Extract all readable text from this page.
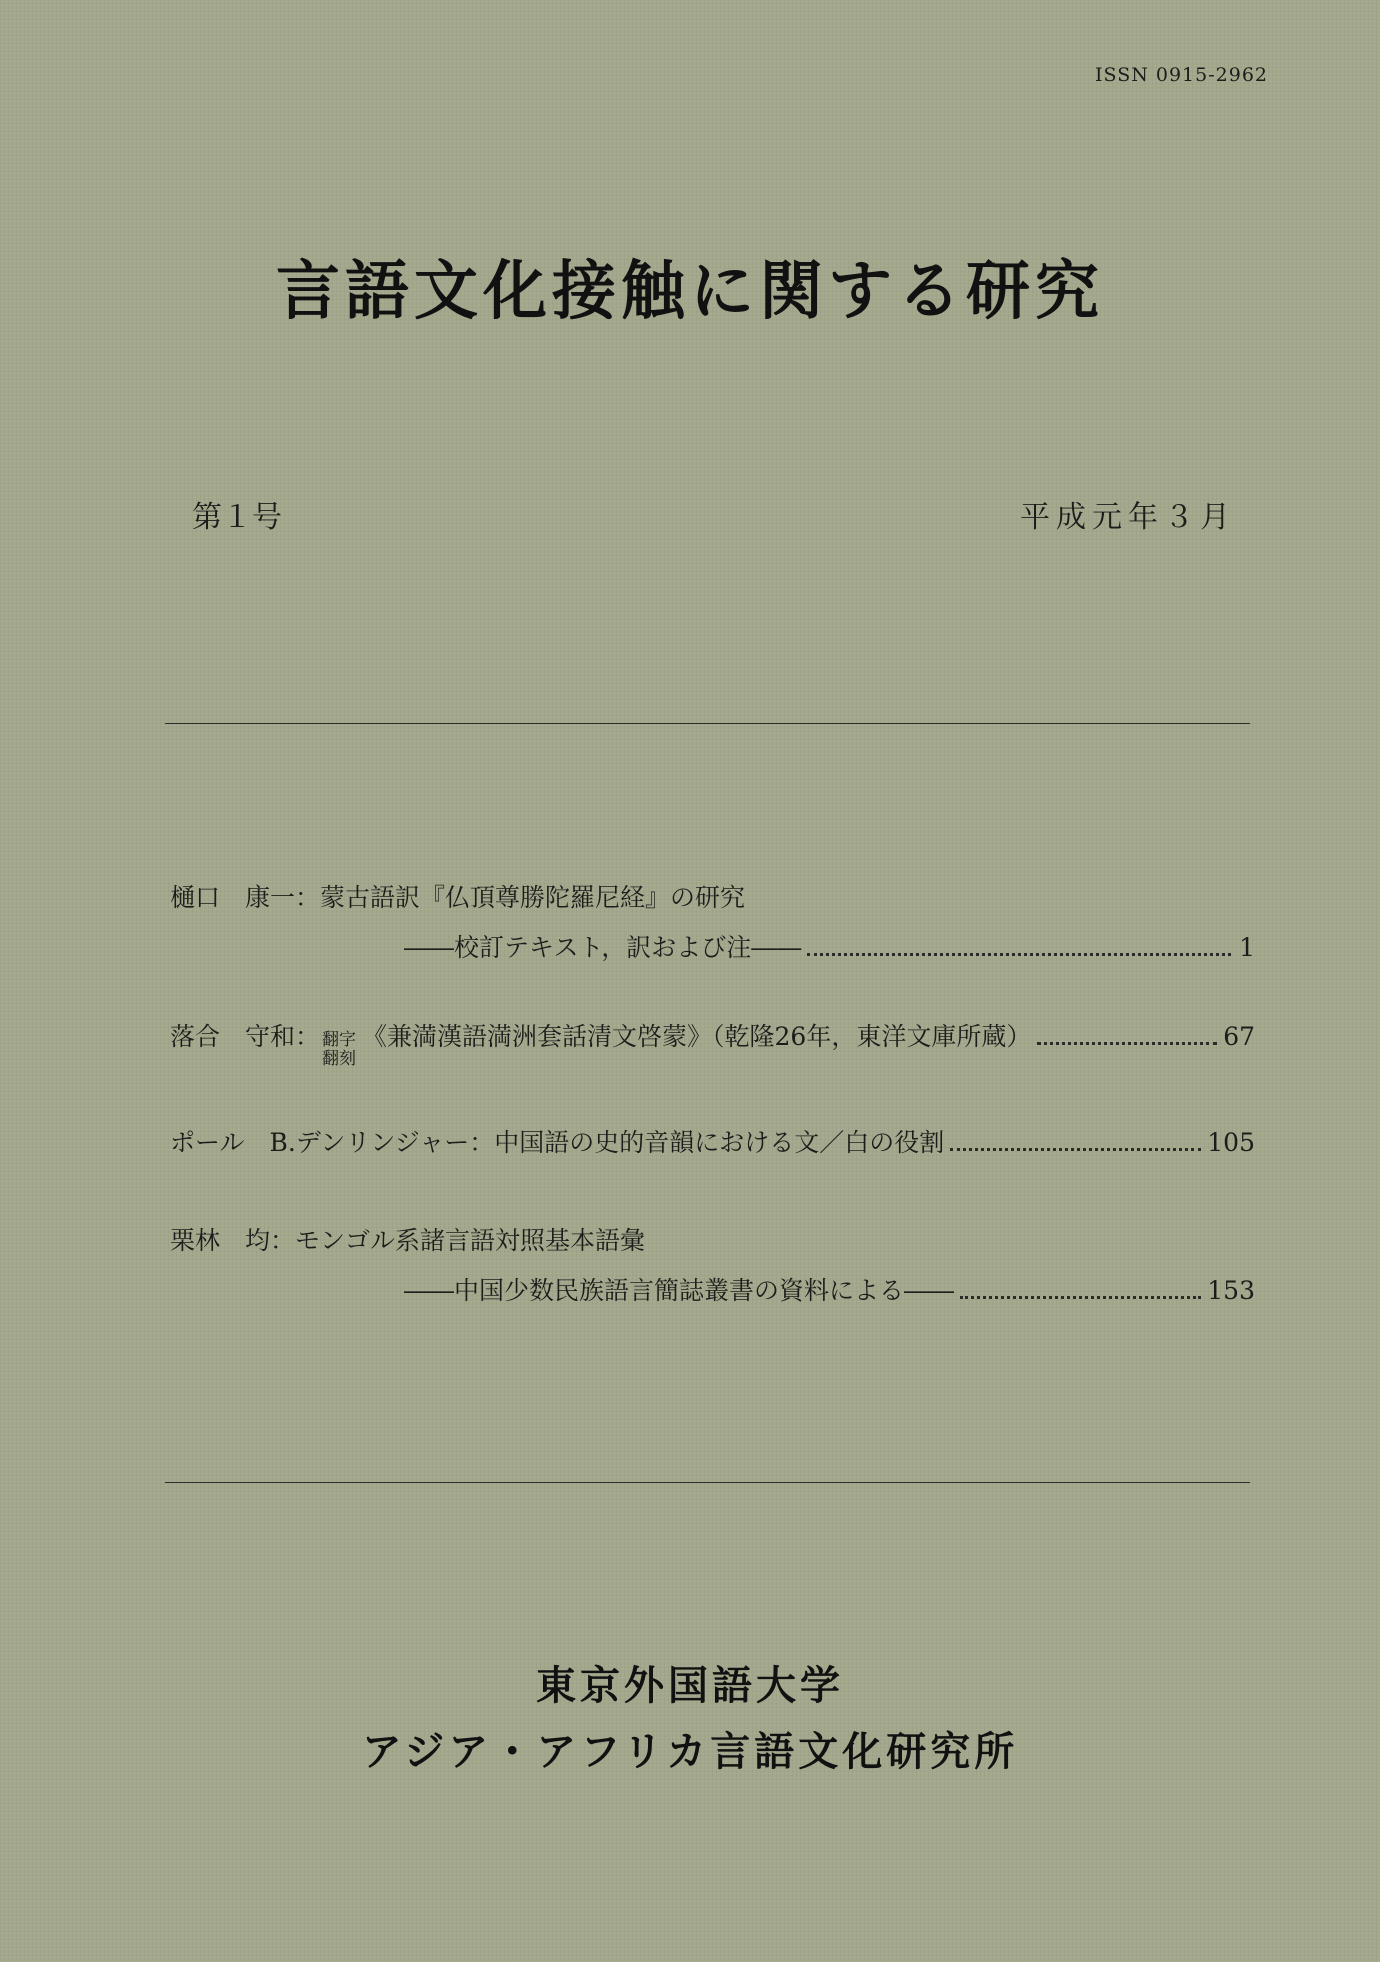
ISSN 0915-2962
言語文化接触に関する研究
第１号	平成元年３月
樋口　康一：蒙古語訳『仏頂尊勝陀羅尼経』の研究
――校訂テキスト，訳および注――	1
落合　守和： 翻字
翻刻
《兼満漢語満洲套話清文啓蒙》（乾隆26年，東洋文庫所蔵）	67
ポール　B.デンリンジャー：中国語の史的音韻における文／白の役割	105
栗林　均：モンゴル系諸言語対照基本語彙
――中国少数民族語言簡誌叢書の資料による――	153
東京外国語大学
アジア・アフリカ言語文化研究所
